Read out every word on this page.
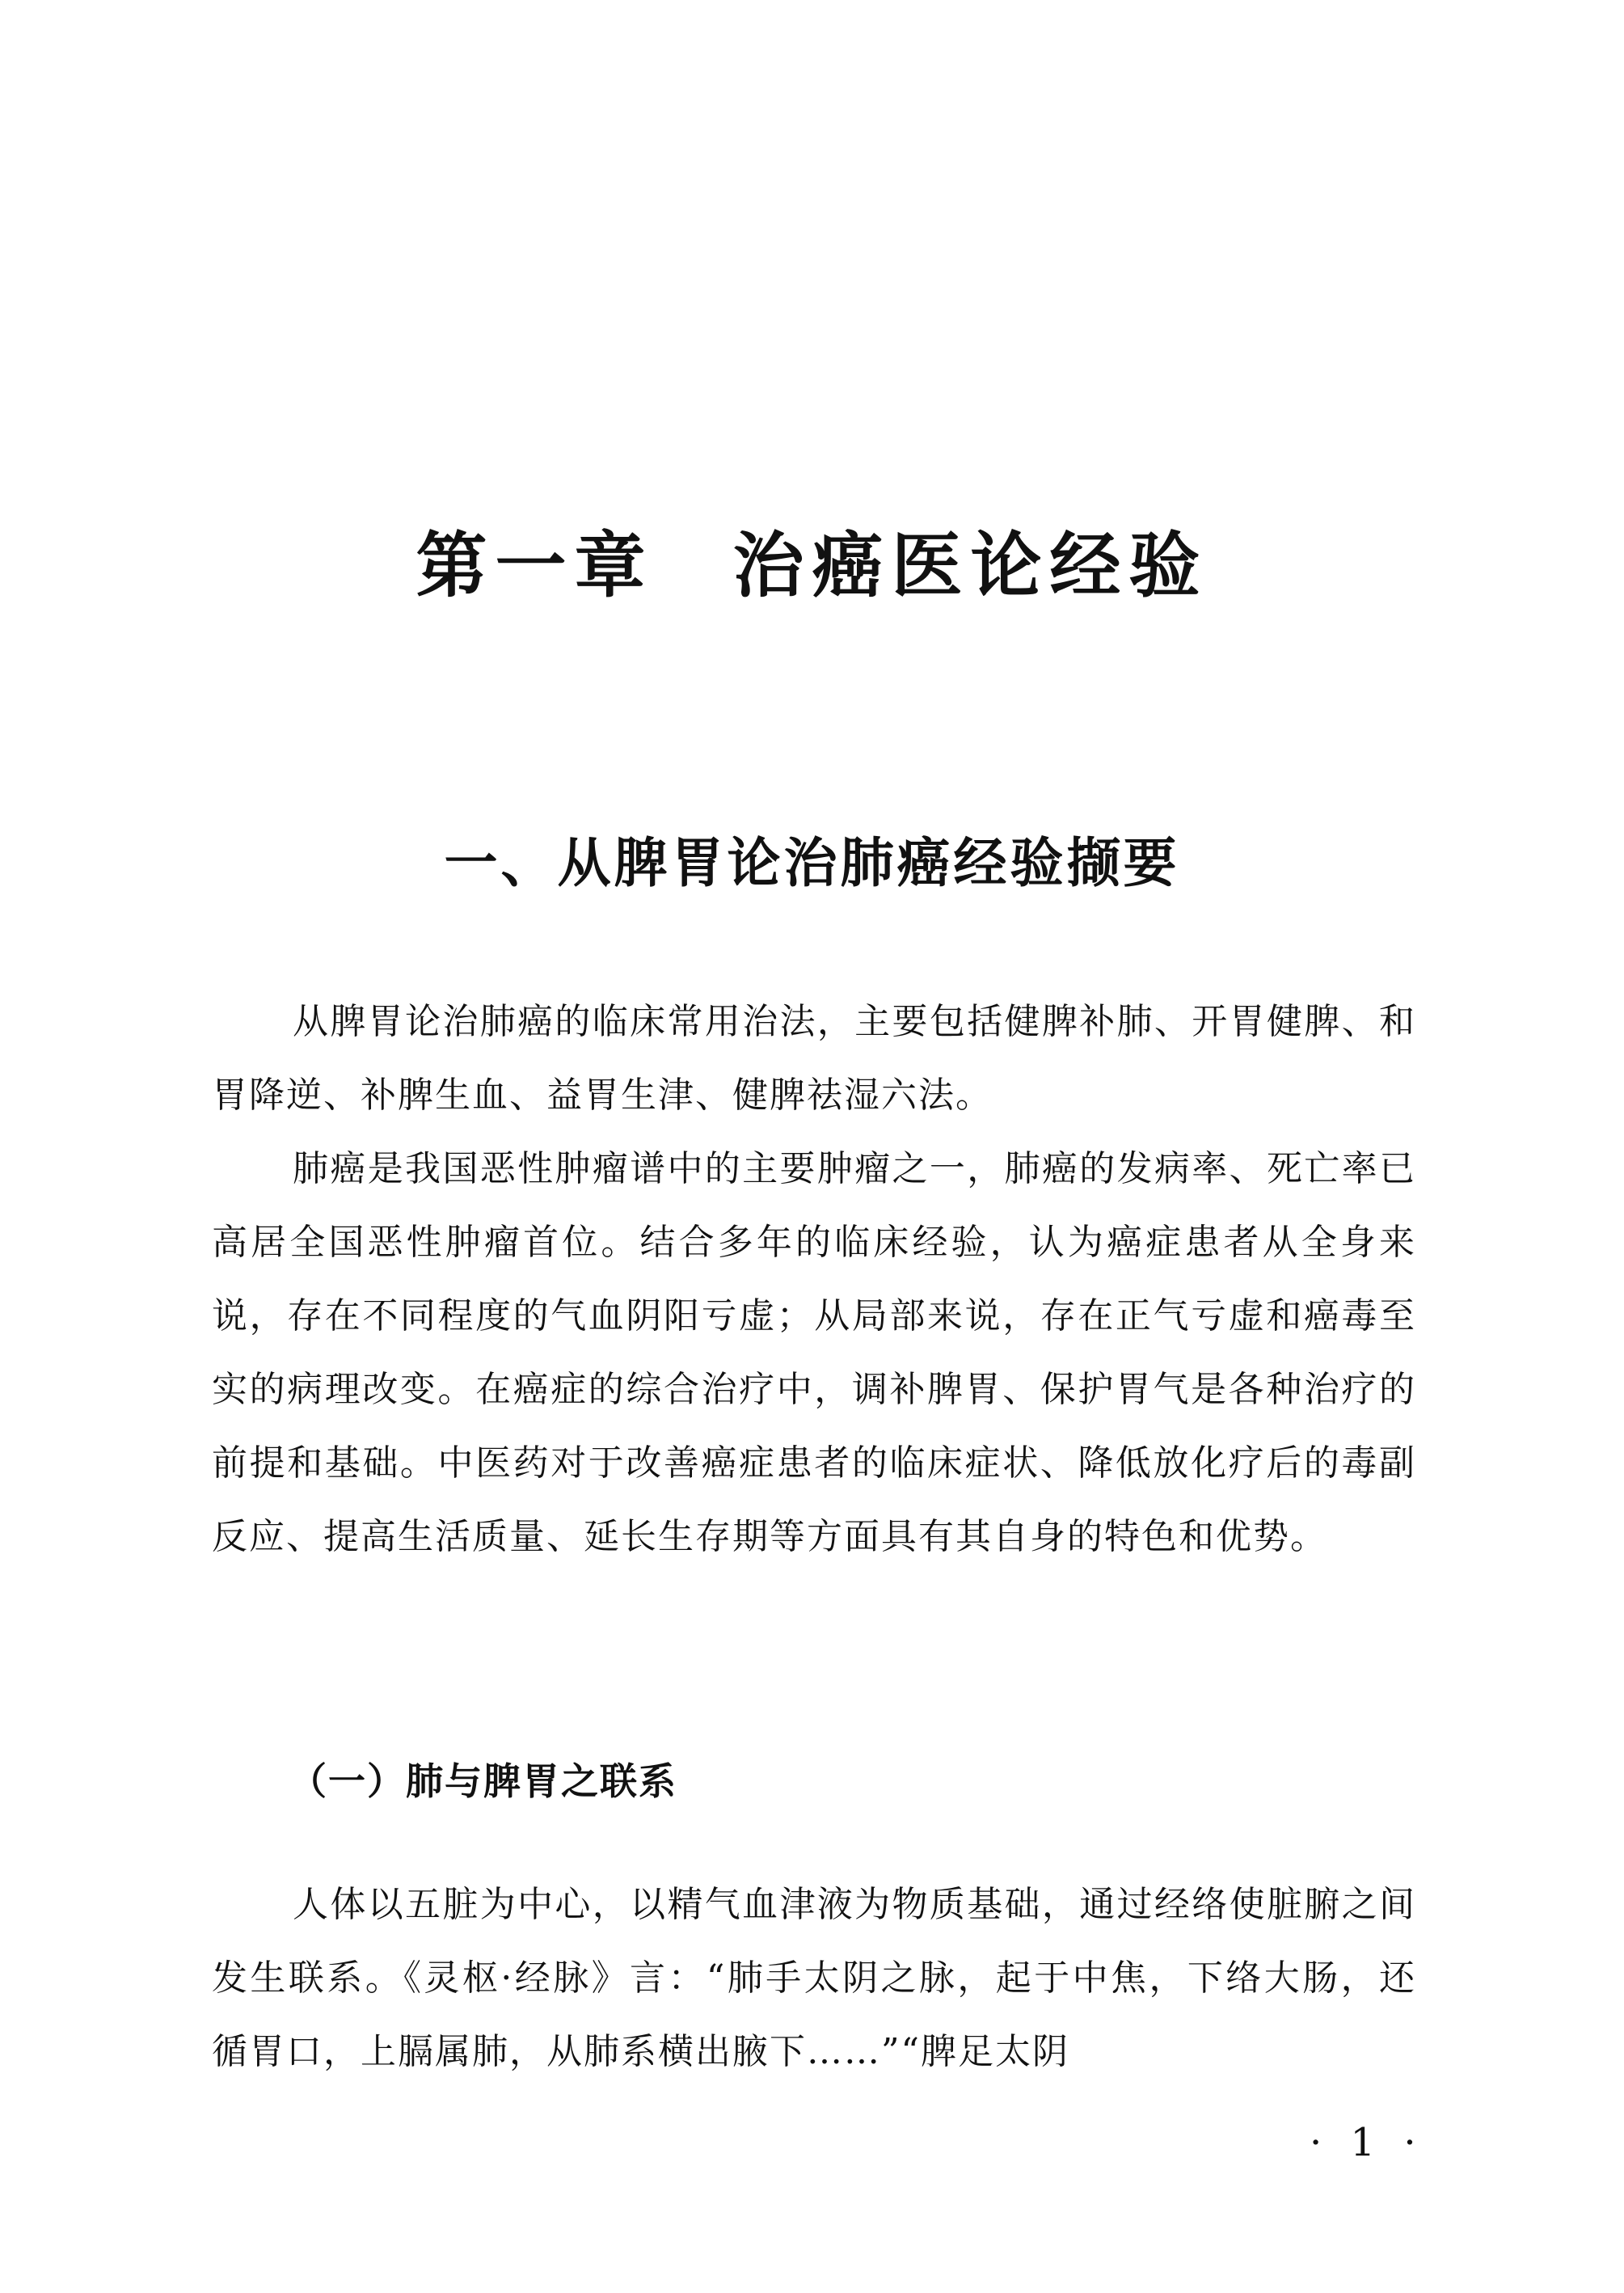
第一章　治癌医论经验
一、从脾胃论治肺癌经验撷要

从脾胃论治肺癌的临床常用治法，主要包括健脾补肺、开胃健脾、和胃降逆、补脾生血、益胃生津、健脾祛湿六法。

肺癌是我国恶性肿瘤谱中的主要肿瘤之一，肺癌的发病率、死亡率已高居全国恶性肿瘤首位。结合多年的临床经验，认为癌症患者从全身来说，存在不同程度的气血阴阳亏虚；从局部来说，存在正气亏虚和癌毒至实的病理改变。在癌症的综合治疗中，调补脾胃、保护胃气是各种治疗的前提和基础。中医药对于改善癌症患者的临床症状、降低放化疗后的毒副反应、提高生活质量、延长生存期等方面具有其自身的特色和优势。

（一）肺与脾胃之联系

人体以五脏为中心，以精气血津液为物质基础，通过经络使脏腑之间发生联系。《灵枢·经脉》言：“肺手太阴之脉，起于中焦，下络大肠，还循胃口，上膈属肺，从肺系横出腋下……”“脾足太阴

· 1 ·
